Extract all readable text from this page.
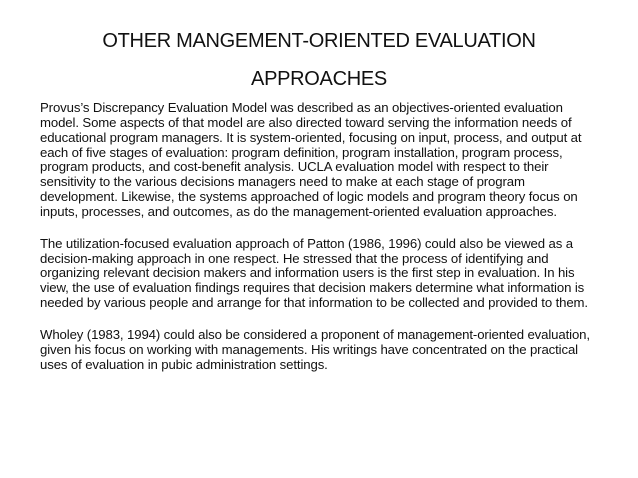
OTHER MANGEMENT-ORIENTED EVALUATION APPROACHES

Provus’s Discrepancy Evaluation Model was described as an objectives-oriented evaluation model. Some aspects of that model are also directed toward serving the information needs of educational program managers. It is system-oriented, focusing on input, process, and output at each of five stages of evaluation: program definition, program installation, program process, program products, and cost-benefit analysis. UCLA evaluation model with respect to their sensitivity to the various decisions managers need to make at each stage of program development. Likewise, the systems approached of logic models and program theory focus on inputs, processes, and outcomes, as do the management-oriented evaluation approaches.

The utilization-focused evaluation approach of Patton (1986, 1996) could also be viewed as a decision-making approach in one respect. He stressed that the process of identifying and organizing relevant decision makers and information users is the first step in evaluation. In his view, the use of evaluation findings requires that decision makers determine what information is needed by various people and arrange for that information to be collected and provided to them.

Wholey (1983, 1994) could also be considered a proponent of management-oriented evaluation, given his focus on working with managements. His writings have concentrated on the practical uses of evaluation in pubic administration settings.
